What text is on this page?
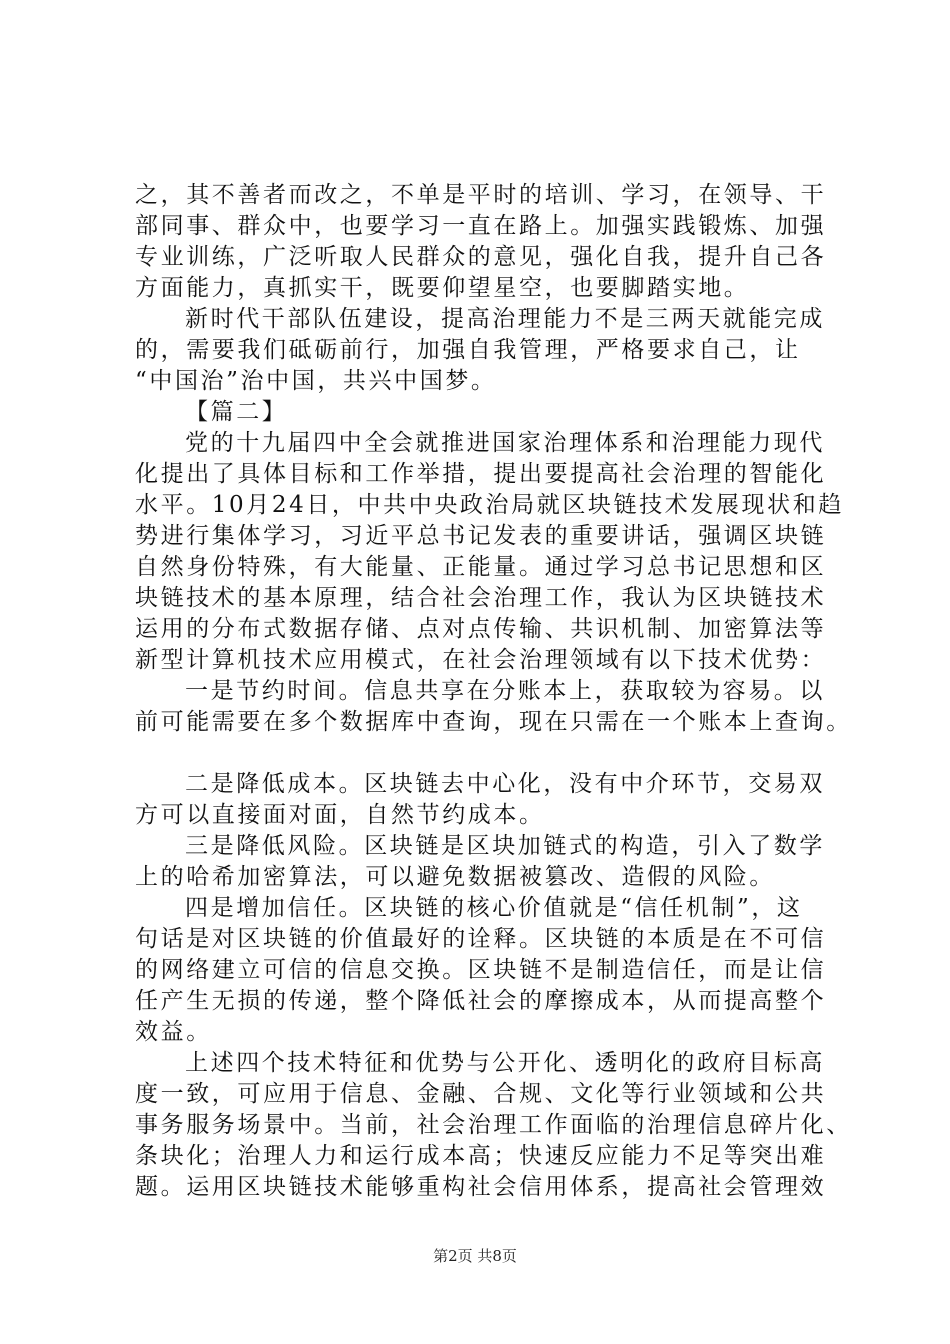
之，其不善者而改之，不单是平时的培训、学习，在领导、干
部同事、群众中，也要学习一直在路上。加强实践锻炼、加强
专业训练，广泛听取人民群众的意见，强化自我，提升自己各
方面能力，真抓实干，既要仰望星空，也要脚踏实地。
新时代干部队伍建设，提高治理能力不是三两天就能完成
的，需要我们砥砺前行，加强自我管理，严格要求自己，让
“中国治”治中国，共兴中国梦。
【篇二】
党的十九届四中全会就推进国家治理体系和治理能力现代
化提出了具体目标和工作举措，提出要提高社会治理的智能化
水平。10月24日，中共中央政治局就区块链技术发展现状和趋
势进行集体学习，习近平总书记发表的重要讲话，强调区块链
自然身份特殊，有大能量、正能量。通过学习总书记思想和区
块链技术的基本原理，结合社会治理工作，我认为区块链技术
运用的分布式数据存储、点对点传输、共识机制、加密算法等
新型计算机技术应用模式，在社会治理领域有以下技术优势：
一是节约时间。信息共享在分账本上，获取较为容易。以
前可能需要在多个数据库中查询，现在只需在一个账本上查询。
二是降低成本。区块链去中心化，没有中介环节，交易双
方可以直接面对面，自然节约成本。
三是降低风险。区块链是区块加链式的构造，引入了数学
上的哈希加密算法，可以避免数据被篡改、造假的风险。
四是增加信任。区块链的核心价值就是“信任机制”，这
句话是对区块链的价值最好的诠释。区块链的本质是在不可信
的网络建立可信的信息交换。区块链不是制造信任，而是让信
任产生无损的传递，整个降低社会的摩擦成本，从而提高整个
效益。
上述四个技术特征和优势与公开化、透明化的政府目标高
度一致，可应用于信息、金融、合规、文化等行业领域和公共
事务服务场景中。当前，社会治理工作面临的治理信息碎片化、
条块化；治理人力和运行成本高；快速反应能力不足等突出难
题。运用区块链技术能够重构社会信用体系，提高社会管理效
第2页 共8页
